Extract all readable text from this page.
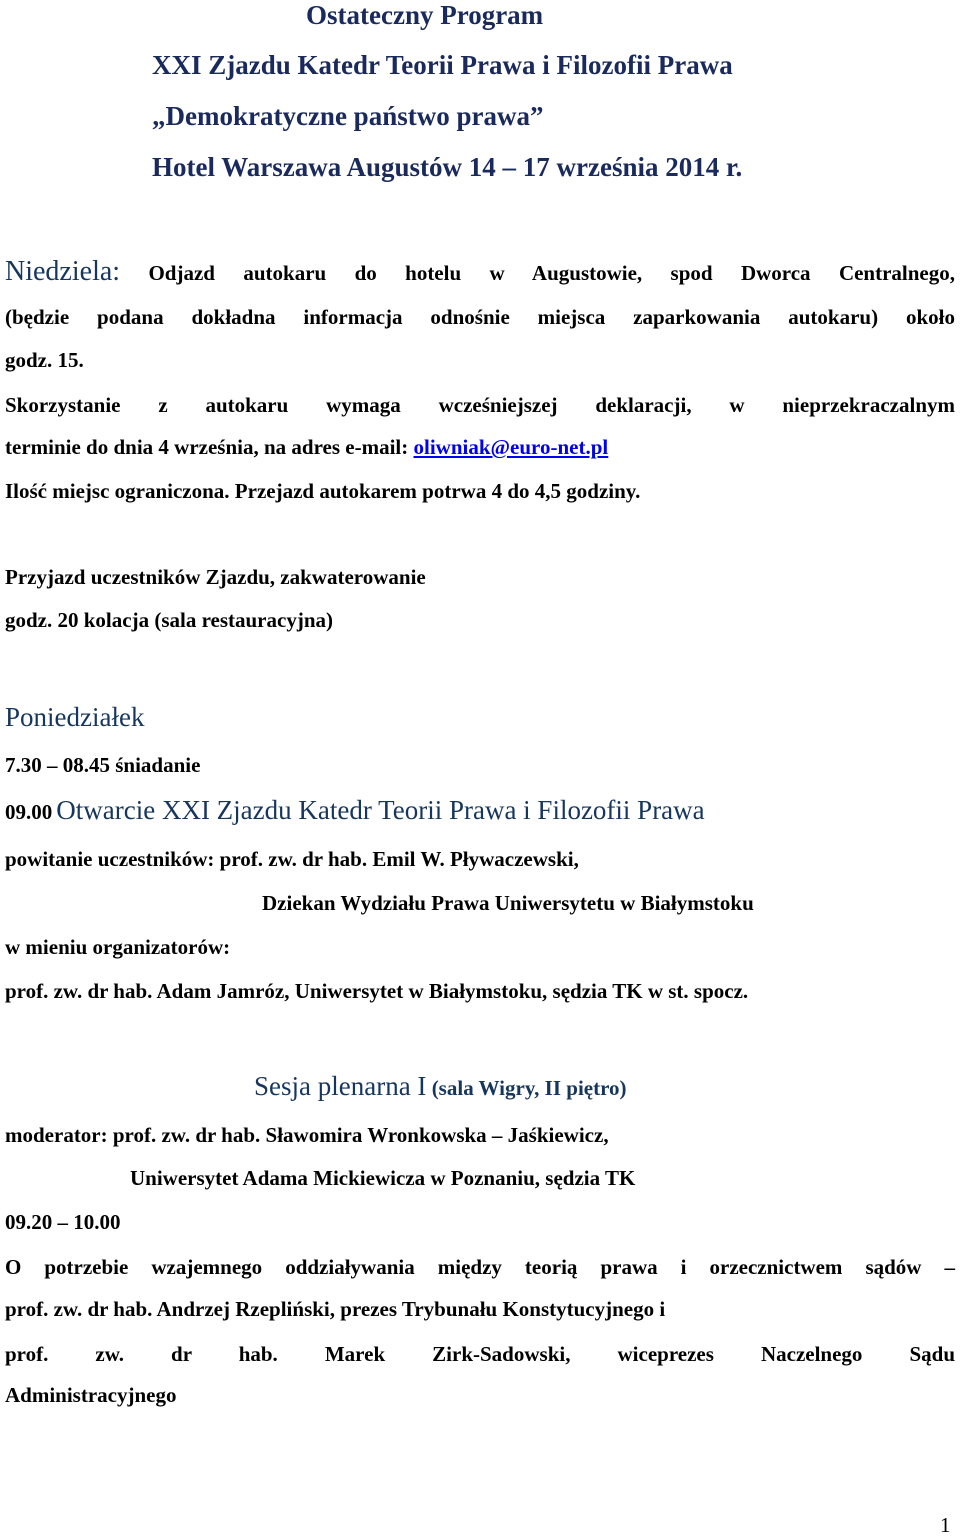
Ostateczny Program
XXI Zjazdu Katedr Teorii Prawa i Filozofii Prawa
„Demokratyczne państwo prawa”
Hotel Warszawa Augustów 14 – 17 września 2014 r.
Niedziela: Odjazd autokaru do hotelu w Augustowie, spod Dworca Centralnego,
(będzie podana dokładna informacja odnośnie miejsca zaparkowania autokaru) około
godz. 15.
Skorzystanie z autokaru wymaga wcześniejszej deklaracji, w nieprzekraczalnym
terminie do dnia 4 września, na adres e-mail: oliwniak@euro-net.pl
Ilość miejsc ograniczona. Przejazd autokarem potrwa 4 do 4,5 godziny.
Przyjazd uczestników Zjazdu, zakwaterowanie
godz. 20 kolacja (sala restauracyjna)
Poniedziałek
7.30 – 08.45 śniadanie
09.00 Otwarcie XXI Zjazdu Katedr Teorii Prawa i Filozofii Prawa
powitanie uczestników: prof. zw. dr hab. Emil W. Pływaczewski,
Dziekan Wydziału Prawa Uniwersytetu w Białymstoku
w mieniu organizatorów:
prof. zw. dr hab. Adam Jamróz, Uniwersytet w Białymstoku, sędzia TK w st. spocz.
Sesja plenarna I (sala Wigry, II piętro)
moderator: prof. zw. dr hab. Sławomira Wronkowska – Jaśkiewicz,
Uniwersytet Adama Mickiewicza w Poznaniu, sędzia TK
09.20 – 10.00
O potrzebie wzajemnego oddziaływania między teorią prawa i orzecznictwem sądów –
prof. zw. dr hab. Andrzej Rzepliński, prezes Trybunału Konstytucyjnego i
prof. zw. dr hab. Marek Zirk-Sadowski, wiceprezes Naczelnego Sądu
Administracyjnego
1
